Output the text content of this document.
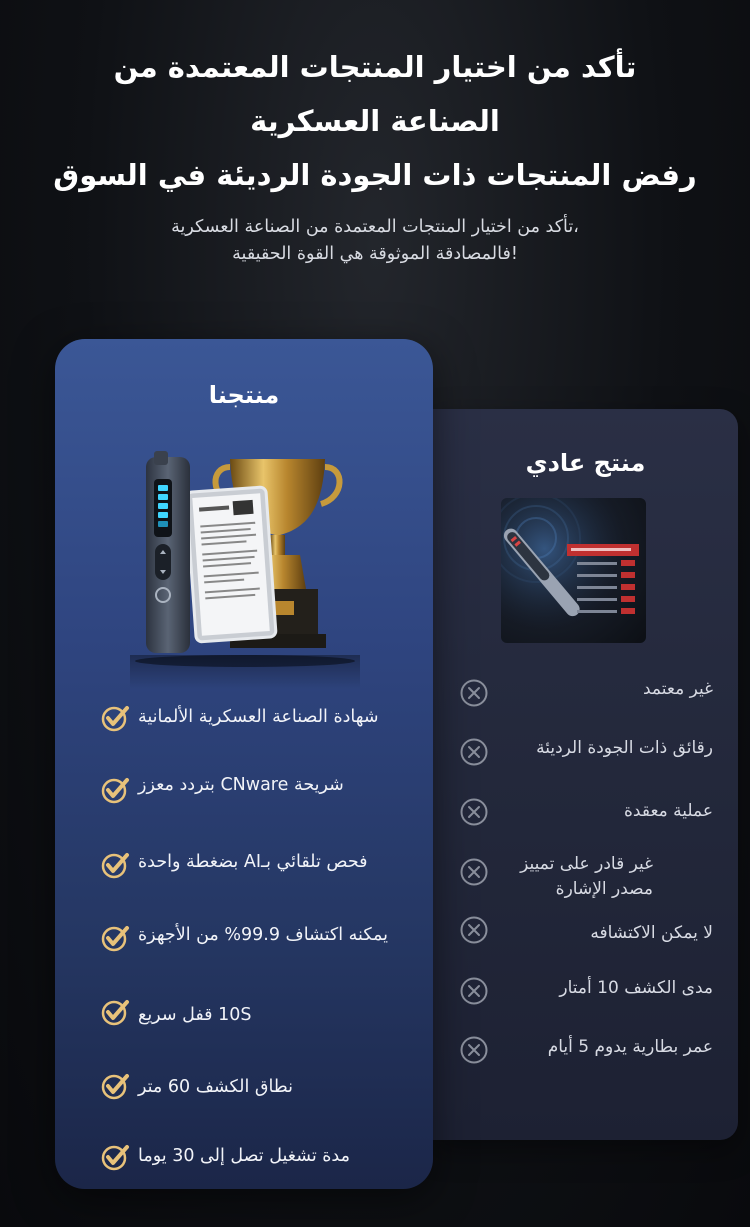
تأكد من اختيار المنتجات المعتمدة من
الصناعة العسكرية
رفض المنتجات ذات الجودة الرديئة في السوق
تأكد من اختيار المنتجات المعتمدة من الصناعة العسكرية،
فالمصادقة الموثوقة هي القوة الحقيقية!
منتج عادي
غير معتمد
رقائق ذات الجودة الرديئة
عملية معقدة
غير قادر على تمييز مصدر الإشارة
لا يمكن الاكتشافه
مدى الكشف 10 أمتار
عمر بطارية يدوم 5 أيام
منتجنا
شهادة الصناعة العسكرية الألمانية
شريحة CNware بتردد معزز
فحص تلقائي بـAI بضغطة واحدة
يمكنه اكتشاف 99.9% من الأجهزة
10S قفل سريع
نطاق الكشف 60 متر
مدة تشغيل تصل إلى 30 يوما
